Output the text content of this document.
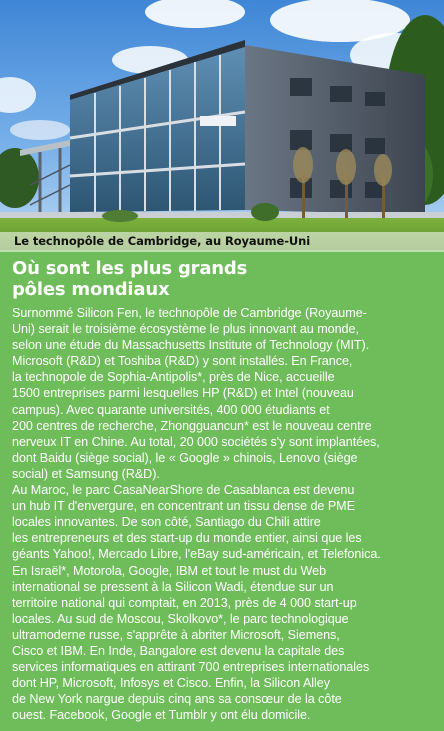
Le technopôle de Cambridge, au Royaume-Uni
Où sont les plus grands
pôles mondiaux
Surnommé Silicon Fen, le technopôle de Cambridge (Royaume-
Uni) serait le troisième écosystème le plus innovant au monde,
selon une étude du Massachusetts Institute of Technology (MIT).
Microsoft (R&D) et Toshiba (R&D) y sont installés. En France,
la technopole de Sophia-Antipolis*, près de Nice, accueille
1500 entreprises parmi lesquelles HP (R&D) et Intel (nouveau
campus). Avec quarante universités, 400 000 étudiants et
200 centres de recherche, Zhongguancun* est le nouveau centre
nerveux IT en Chine. Au total, 20 000 sociétés s'y sont implantées,
dont Baidu (siège social), le « Google » chinois, Lenovo (siège
social) et Samsung (R&D).
Au Maroc, le parc CasaNearShore de Casablanca est devenu
un hub IT d'envergure, en concentrant un tissu dense de PME
locales innovantes. De son côté, Santiago du Chili attire
les entrepreneurs et des start-up du monde entier, ainsi que les
géants Yahoo!, Mercado Libre, l'eBay sud-américain, et Telefonica.
En Israël*, Motorola, Google, IBM et tout le must du Web
international se pressent à la Silicon Wadi, étendue sur un
territoire national qui comptait, en 2013, près de 4 000 start-up
locales. Au sud de Moscou, Skolkovo*, le parc technologique
ultramoderne russe, s'apprête à abriter Microsoft, Siemens,
Cisco et IBM. En Inde, Bangalore est devenu la capitale des
services informatiques en attirant 700 entreprises internationales
dont HP, Microsoft, Infosys et Cisco. Enfin, la Silicon Alley
de New York nargue depuis cinq ans sa consœur de la côte
ouest. Facebook, Google et Tumblr y ont élu domicile.
